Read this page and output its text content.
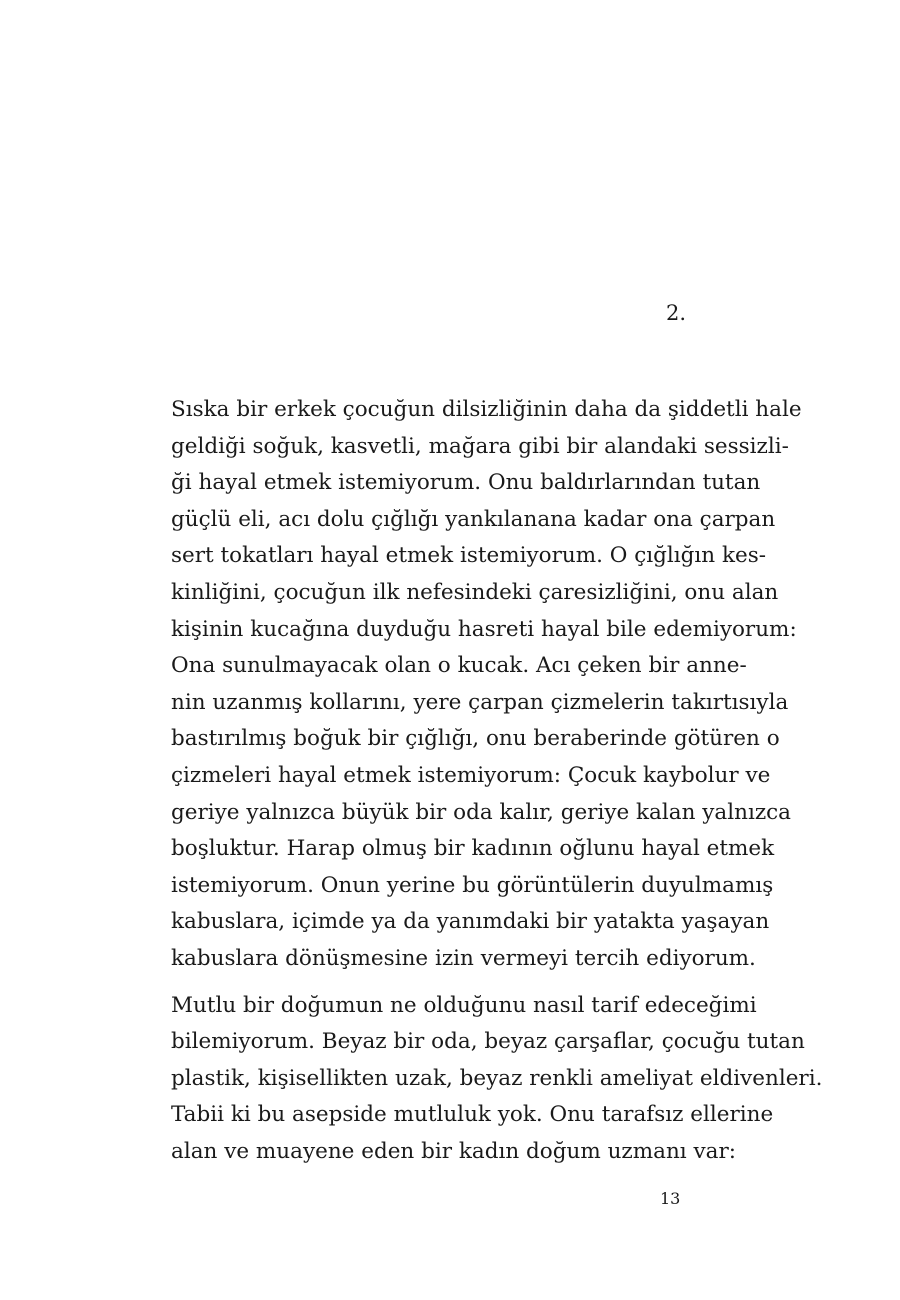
2.
Sıska bir erkek çocuğun dilsizliğinin daha da şiddetli hale
geldiği soğuk, kasvetli, mağara gibi bir alandaki sessizli-
ği hayal etmek istemiyorum. Onu baldırlarından tutan
güçlü eli, acı dolu çığlığı yankılanana kadar ona çarpan
sert tokatları hayal etmek istemiyorum. O çığlığın kes-
kinliğini, çocuğun ilk nefesindeki çaresizliğini, onu alan
kişinin kucağına duyduğu hasreti hayal bile edemiyorum:
Ona sunulmayacak olan o kucak. Acı çeken bir anne-
nin uzanmış kollarını, yere çarpan çizmelerin takırtısıyla
bastırılmış boğuk bir çığlığı, onu beraberinde götüren o
çizmeleri hayal etmek istemiyorum: Çocuk kaybolur ve
geriye yalnızca büyük bir oda kalır, geriye kalan yalnızca
boşluktur. Harap olmuş bir kadının oğlunu hayal etmek
istemiyorum. Onun yerine bu görüntülerin duyulmamış
kabuslara, içimde ya da yanımdaki bir yatakta yaşayan
kabuslara dönüşmesine izin vermeyi tercih ediyorum.
Mutlu bir doğumun ne olduğunu nasıl tarif edeceğimi
bilemiyorum. Beyaz bir oda, beyaz çarşaflar, çocuğu tutan
plastik, kişisellikten uzak, beyaz renkli ameliyat eldivenleri.
Tabii ki bu asepside mutluluk yok. Onu tarafsız ellerine
alan ve muayene eden bir kadın doğum uzmanı var:
13
